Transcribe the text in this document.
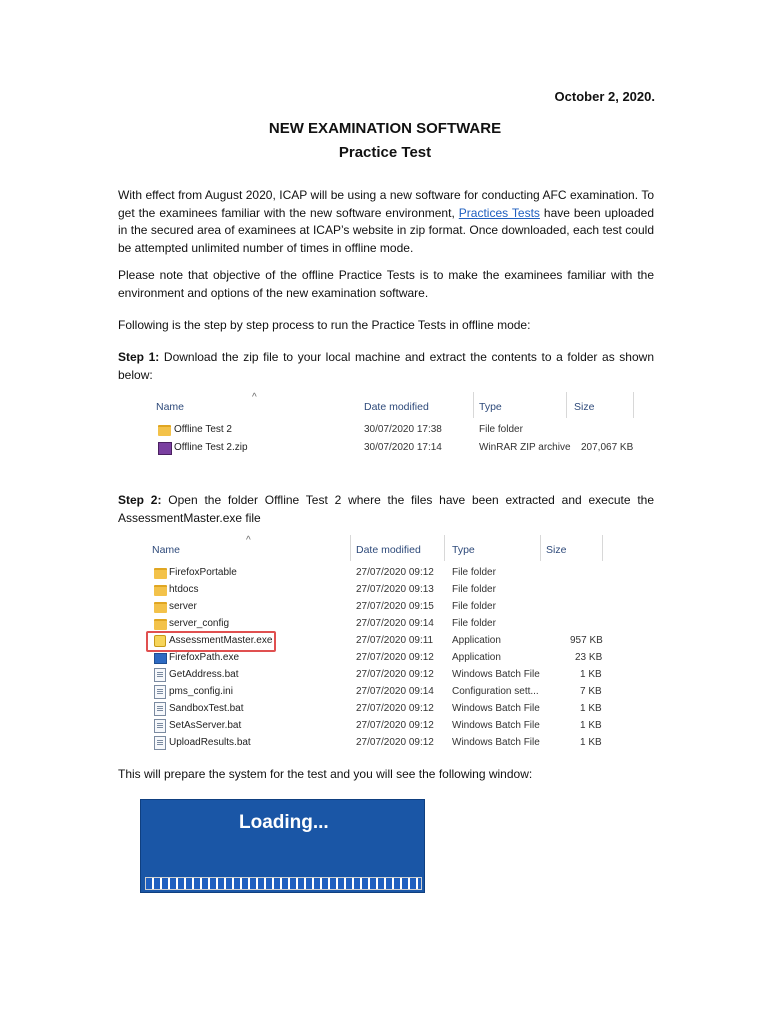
October 2, 2020.
NEW EXAMINATION SOFTWARE
Practice Test
With effect from August 2020, ICAP will be using a new software for conducting AFC examination. To get the examinees familiar with the new software environment, Practices Tests have been uploaded in the secured area of examinees at ICAP’s website in zip format. Once downloaded, each test could be attempted unlimited number of times in offline mode.
Please note that objective of the offline Practice Tests is to make the examinees familiar with the environment and options of the new examination software.
Following is the step by step process to run the Practice Tests in offline mode:
Step 1: Download the zip file to your local machine and extract the contents to a folder as shown below:
^
Name	Date modified	Type	Size
Offline Test 2	30/07/2020 17:38	File folder
Offline Test 2.zip	30/07/2020 17:14	WinRAR ZIP archive 207,067 KB
Step 2: Open the folder Offline Test 2 where the files have been extracted and execute the AssessmentMaster.exe file
^
Name	Date modified	Type	Size
FirefoxPortable	27/07/2020 09:12 File folder
htdocs	27/07/2020 09:13 File folder
server	27/07/2020 09:15 File folder
server_config	27/07/2020 09:14 File folder
AssessmentMaster.exe	27/07/2020 09:11 Application	957 KB
FirefoxPath.exe	27/07/2020 09:12 Application	23 KB
GetAddress.bat	27/07/2020 09:12 Windows Batch File	1 KB
pms_config.ini	27/07/2020 09:14 Configuration sett...	7 KB
SandboxTest.bat	27/07/2020 09:12 Windows Batch File	1 KB
SetAsServer.bat	27/07/2020 09:12 Windows Batch File	1 KB
UploadResults.bat	27/07/2020 09:12 Windows Batch File	1 KB
This will prepare the system for the test and you will see the following window:
Loading...
